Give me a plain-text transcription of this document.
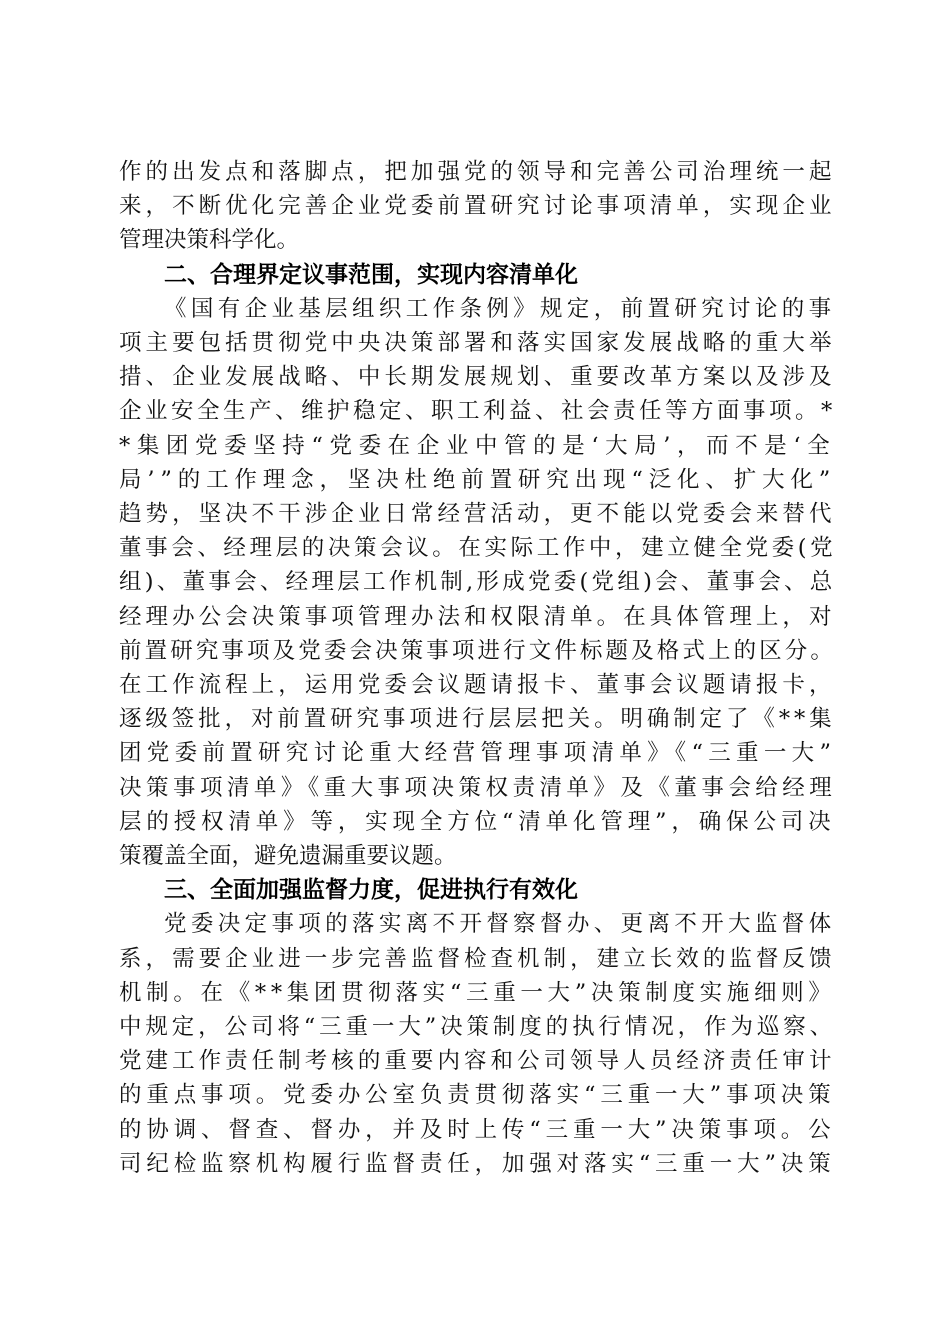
作的出发点和落脚点，把加强党的领导和完善公司治理统一起
来，不断优化完善企业党委前置研究讨论事项清单，实现企业
管理决策科学化。
二、合理界定议事范围，实现内容清单化
《国有企业基层组织工作条例》规定，前置研究讨论的事
项主要包括贯彻党中央决策部署和落实国家发展战略的重大举
措、企业发展战略、中长期发展规划、重要改革方案以及涉及
企业安全生产、维护稳定、职工利益、社会责任等方面事项。*
*集团党委坚持“党委在企业中管的是‘大局’，而不是‘全
局’”的工作理念，坚决杜绝前置研究出现“泛化、扩大化”
趋势，坚决不干涉企业日常经营活动，更不能以党委会来替代
董事会、经理层的决策会议。在实际工作中，建立健全党委(党
组)、董事会、经理层工作机制,形成党委(党组)会、董事会、总
经理办公会决策事项管理办法和权限清单。在具体管理上，对
前置研究事项及党委会决策事项进行文件标题及格式上的区分。
在工作流程上，运用党委会议题请报卡、董事会议题请报卡，
逐级签批，对前置研究事项进行层层把关。明确制定了《**集
团党委前置研究讨论重大经营管理事项清单》《“三重一大”
决策事项清单》《重大事项决策权责清单》及《董事会给经理
层的授权清单》等，实现全方位“清单化管理”，确保公司决
策覆盖全面，避免遗漏重要议题。
三、全面加强监督力度，促进执行有效化
党委决定事项的落实离不开督察督办、更离不开大监督体
系，需要企业进一步完善监督检查机制，建立长效的监督反馈
机制。在《**集团贯彻落实“三重一大”决策制度实施细则》
中规定，公司将“三重一大”决策制度的执行情况，作为巡察、
党建工作责任制考核的重要内容和公司领导人员经济责任审计
的重点事项。党委办公室负责贯彻落实“三重一大”事项决策
的协调、督查、督办，并及时上传“三重一大”决策事项。公
司纪检监察机构履行监督责任，加强对落实“三重一大”决策
